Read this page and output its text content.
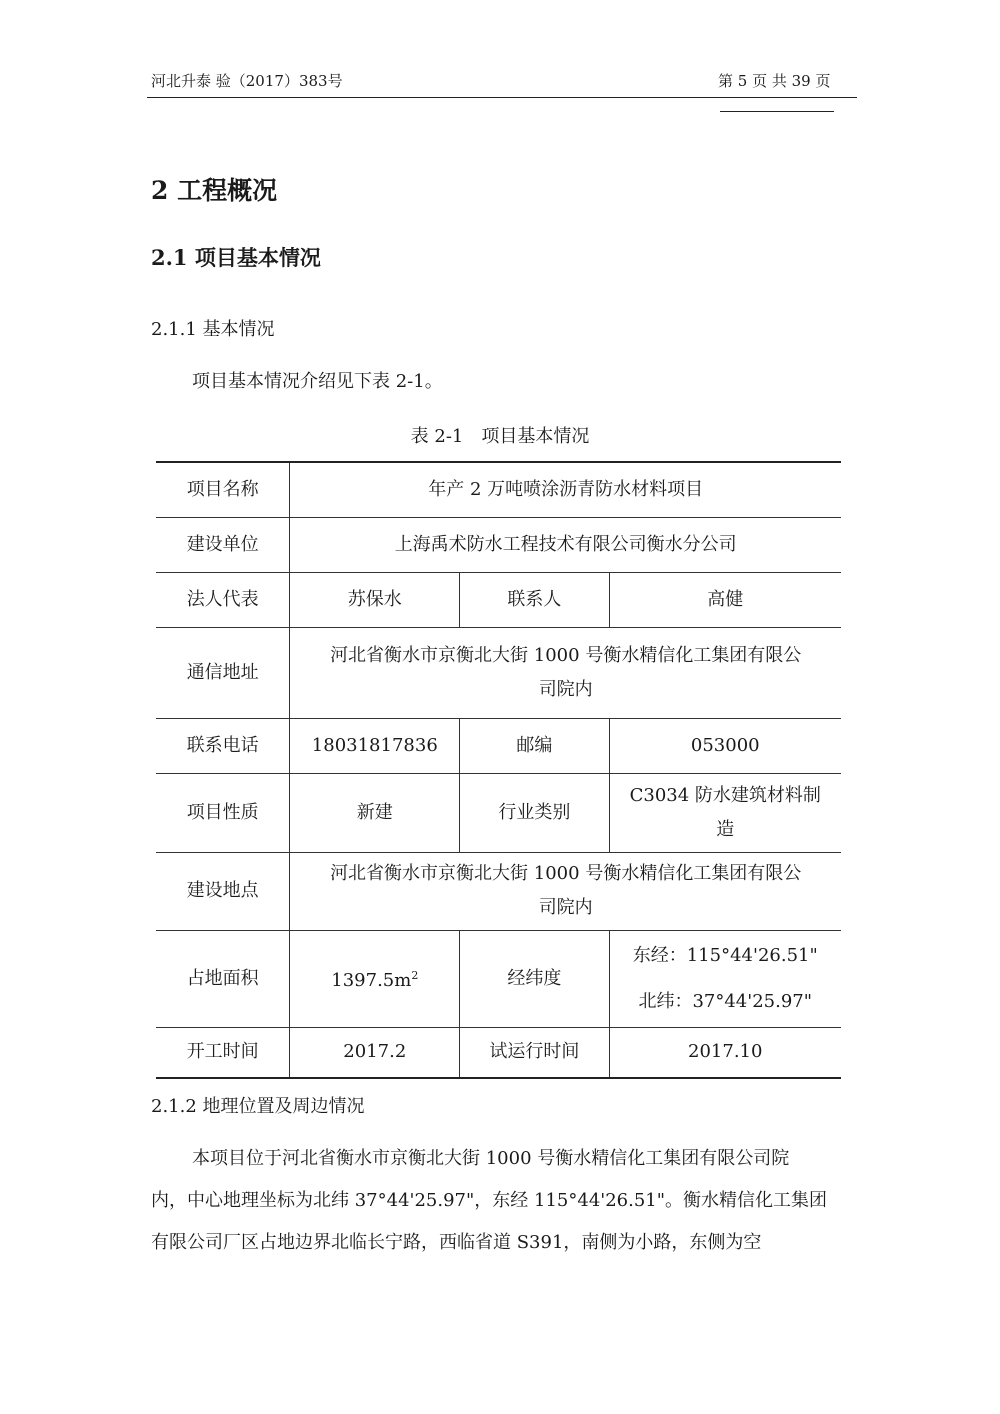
河北升泰 验（2017）383号	第 5 页 共 39 页
2 工程概况
2.1 项目基本情况
2.1.1 基本情况
项目基本情况介绍见下表 2-1。
表 2-1　项目基本情况
项目名称	年产 2 万吨喷涂沥青防水材料项目		
建设单位	上海禹术防水工程技术有限公司衡水分公司		
法人代表	苏保水	联系人	高健
通信地址	河北省衡水市京衡北大街 1000 号衡水精信化工集团有限公
司院内		

联系电话	18031817836	邮编	053000
项目性质	新建	行业类别	C3034 防水建筑材料制
造

建设地点	河北省衡水市京衡北大街 1000 号衡水精信化工集团有限公
司院内		

占地面积	$1397.5m^2$	经纬度	东经：115°44'26.51"
北纬：37°44'25.97"

开工时间	2017.2	试运行时间	2017.10
2.1.2 地理位置及周边情况
本项目位于河北省衡水市京衡北大街 1000 号衡水精信化工集团有限公司院
内，中心地理坐标为北纬 37°44'25.97"，东经 115°44'26.51"。衡水精信化工集团
有限公司厂区占地边界北临长宁路，西临省道 S391，南侧为小路，东侧为空
